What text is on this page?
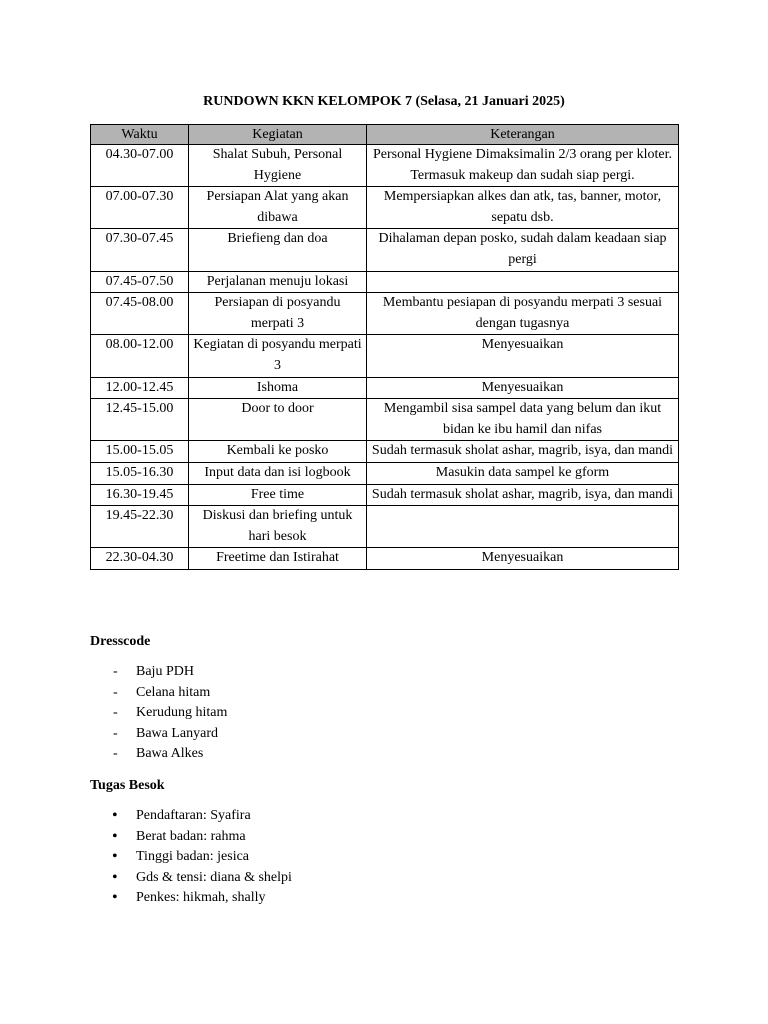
RUNDOWN KKN KELOMPOK 7 (Selasa, 21 Januari 2025)
Waktu	Kegiatan	Keterangan
04.30-07.00	Shalat Subuh, Personal Hygiene	Personal Hygiene Dimaksimalin 2/3 orang per kloter. Termasuk makeup dan sudah siap pergi.
07.00-07.30	Persiapan Alat yang akan dibawa	Mempersiapkan alkes dan atk, tas, banner, motor, sepatu dsb.
07.30-07.45	Briefieng dan doa	Dihalaman depan posko, sudah dalam keadaan siap pergi
07.45-07.50	Perjalanan menuju lokasi	
07.45-08.00	Persiapan di posyandu merpati 3	Membantu pesiapan di posyandu merpati 3 sesuai dengan tugasnya
08.00-12.00	Kegiatan di posyandu merpati 3	Menyesuaikan
12.00-12.45	Ishoma	Menyesuaikan
12.45-15.00	Door to door	Mengambil sisa sampel data yang belum dan ikut bidan ke ibu hamil dan nifas
15.00-15.05	Kembali ke posko	Sudah termasuk sholat ashar, magrib, isya, dan mandi
15.05-16.30	Input data dan isi logbook	Masukin data sampel ke gform
16.30-19.45	Free time	Sudah termasuk sholat ashar, magrib, isya, dan mandi
19.45-22.30	Diskusi dan briefing untuk hari besok	
22.30-04.30	Freetime dan Istirahat	Menyesuaikan
Dresscode
- Baju PDH
- Celana hitam
- Kerudung hitam
- Bawa Lanyard
- Bawa Alkes
Tugas Besok
• Pendaftaran: Syafira
• Berat badan: rahma
• Tinggi badan: jesica
• Gds & tensi: diana & shelpi
• Penkes: hikmah, shally
